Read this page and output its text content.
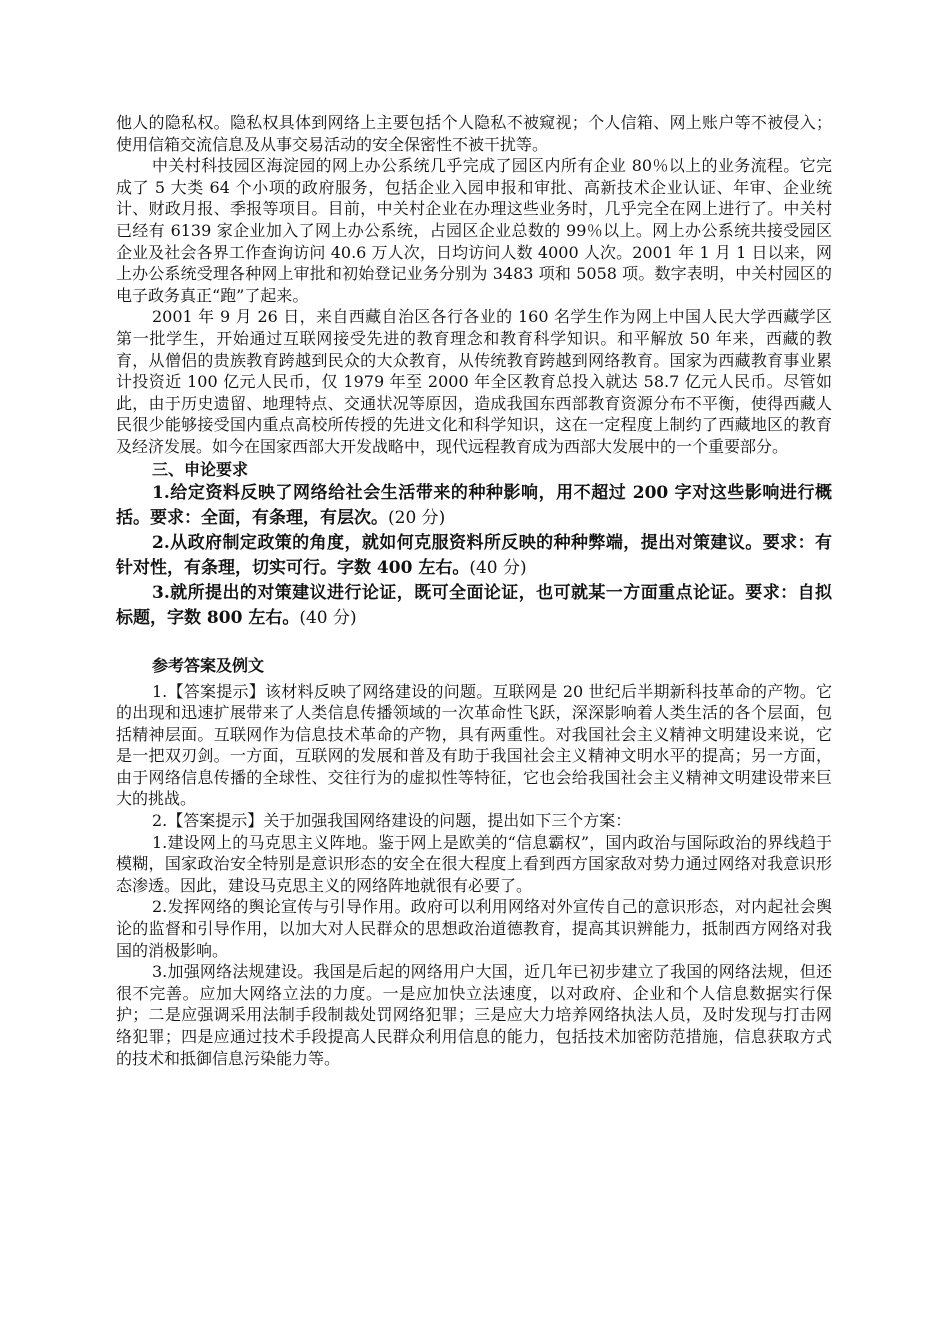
他人的隐私权。隐私权具体到网络上主要包括个人隐私不被窥视；个人信箱、网上账户等不被侵入；使用信箱交流信息及从事交易活动的安全保密性不被干扰等。

中关村科技园区海淀园的网上办公系统几乎完成了园区内所有企业 80％以上的业务流程。它完成了 5 大类 64 个小项的政府服务，包括企业入园申报和审批、高新技术企业认证、年审、企业统计、财政月报、季报等项目。目前，中关村企业在办理这些业务时，几乎完全在网上进行了。中关村已经有 6139 家企业加入了网上办公系统，占园区企业总数的 99％以上。网上办公系统共接受园区企业及社会各界工作查询访问 40.6 万人次，日均访问人数 4000 人次。2001 年 1 月 1 日以来，网上办公系统受理各种网上审批和初始登记业务分别为 3483 项和 5058 项。数字表明，中关村园区的电子政务真正“跑”了起来。

2001 年 9 月 26 日，来自西藏自治区各行各业的 160 名学生作为网上中国人民大学西藏学区第一批学生，开始通过互联网接受先进的教育理念和教育科学知识。和平解放 50 年来，西藏的教育，从僧侣的贵族教育跨越到民众的大众教育，从传统教育跨越到网络教育。国家为西藏教育事业累计投资近 100 亿元人民币，仅 1979 年至 2000 年全区教育总投入就达 58.7 亿元人民币。尽管如此，由于历史遗留、地理特点、交通状况等原因，造成我国东西部教育资源分布不平衡，使得西藏人民很少能够接受国内重点高校所传授的先进文化和科学知识，这在一定程度上制约了西藏地区的教育及经济发展。如今在国家西部大开发战略中，现代远程教育成为西部大发展中的一个重要部分。

三、申论要求

1.给定资料反映了网络给社会生活带来的种种影响，用不超过 200 字对这些影响进行概括。要求：全面，有条理，有层次。(20 分)

2.从政府制定政策的角度，就如何克服资料所反映的种种弊端，提出对策建议。要求：有针对性，有条理，切实可行。字数 400 左右。(40 分)

3.就所提出的对策建议进行论证，既可全面论证，也可就某一方面重点论证。要求：自拟标题，字数 800 左右。(40 分)

参考答案及例文

1.【答案提示】该材料反映了网络建设的问题。互联网是 20 世纪后半期新科技革命的产物。它的出现和迅速扩展带来了人类信息传播领域的一次革命性飞跃，深深影响着人类生活的各个层面，包括精神层面。互联网作为信息技术革命的产物，具有两重性。对我国社会主义精神文明建设来说，它是一把双刃剑。一方面，互联网的发展和普及有助于我国社会主义精神文明水平的提高；另一方面，由于网络信息传播的全球性、交往行为的虚拟性等特征，它也会给我国社会主义精神文明建设带来巨大的挑战。

2.【答案提示】关于加强我国网络建设的问题，提出如下三个方案：

1.建设网上的马克思主义阵地。鉴于网上是欧美的“信息霸权”，国内政治与国际政治的界线趋于模糊，国家政治安全特别是意识形态的安全在很大程度上看到西方国家敌对势力通过网络对我意识形态渗透。因此，建设马克思主义的网络阵地就很有必要了。

2.发挥网络的舆论宣传与引导作用。政府可以利用网络对外宣传自己的意识形态，对内起社会舆论的监督和引导作用，以加大对人民群众的思想政治道德教育，提高其识辨能力，抵制西方网络对我国的消极影响。

3.加强网络法规建设。我国是后起的网络用户大国，近几年已初步建立了我国的网络法规，但还很不完善。应加大网络立法的力度。一是应加快立法速度，以对政府、企业和个人信息数据实行保护；二是应强调采用法制手段制裁处罚网络犯罪；三是应大力培养网络执法人员，及时发现与打击网络犯罪；四是应通过技术手段提高人民群众利用信息的能力，包括技术加密防范措施，信息获取方式的技术和抵御信息污染能力等。
